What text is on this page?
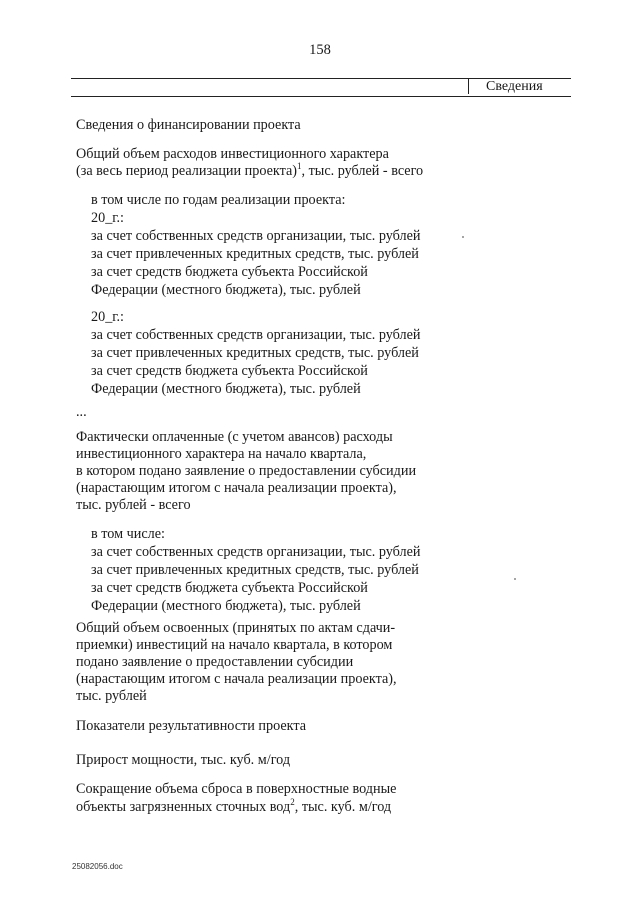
158
Сведения
Сведения о финансировании проекта
Общий объем расходов инвестиционного характера
(за весь период реализации проекта)$^1$, тыс. рублей - всего
в том числе по годам реализации проекта:
20_г.:
за счет собственных средств организации, тыс. рублей
за счет привлеченных кредитных средств, тыс. рублей
за счет средств бюджета субъекта Российской
Федерации (местного бюджета), тыс. рублей
20_г.:
за счет собственных средств организации, тыс. рублей
за счет привлеченных кредитных средств, тыс. рублей
за счет средств бюджета субъекта Российской
Федерации (местного бюджета), тыс. рублей
...
Фактически оплаченные (с учетом авансов) расходы
инвестиционного характера на начало квартала,
в котором подано заявление о предоставлении субсидии
(нарастающим итогом с начала реализации проекта),
тыс. рублей - всего
в том числе:
за счет собственных средств организации, тыс. рублей
за счет привлеченных кредитных средств, тыс. рублей
за счет средств бюджета субъекта Российской
Федерации (местного бюджета), тыс. рублей
Общий объем освоенных (принятых по актам сдачи-
приемки) инвестиций на начало квартала, в котором
подано заявление о предоставлении субсидии
(нарастающим итогом с начала реализации проекта),
тыс. рублей
Показатели результативности проекта
Прирост мощности, тыс. куб. м/год
Сокращение объема сброса в поверхностные водные
объекты загрязненных сточных вод$^2$, тыс. куб. м/год
25082056.doc
